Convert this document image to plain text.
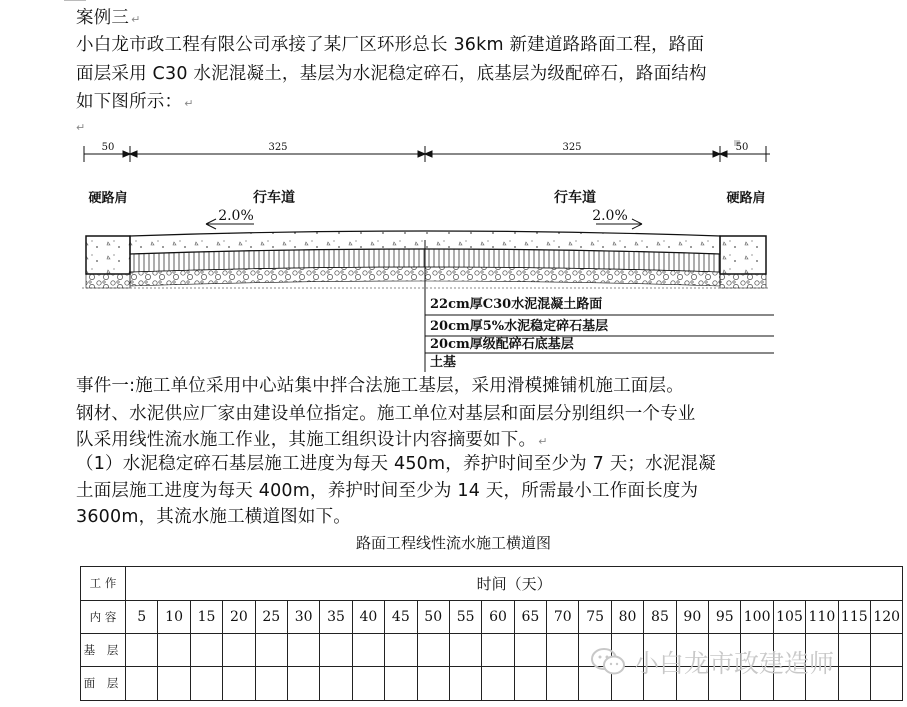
案例三 ↵
小白龙市政工程有限公司承接了某厂区环形总长 36km 新建道路路面工程，路面
面层采用 C30 水泥混凝土，基层为水泥稳定碎石，底基层为级配碎石，路面结构
如下图所示： ↵
↵
50	325	325	50
硬路肩	行车道	行车道	硬路肩
2.0%	2.0%
22cm厚C30水泥混凝土路面
20cm厚5%水泥稳定碎石基层
20cm厚级配碎石底基层
土基
事件一:施工单位采用中心站集中拌合法施工基层，采用滑模摊铺机施工面层。
钢材、水泥供应厂家由建设单位指定。施工单位对基层和面层分别组织一个专业
队采用线性流水施工作业，其施工组织设计内容摘要如下。 ↵
（1）水泥稳定碎石基层施工进度为每天 450m，养护时间至少为 7 天；水泥混凝
土面层施工进度为每天 400m，养护时间至少为 14 天，所需最小工作面长度为
3600m，其流水施工横道图如下。
路面工程线性流水施工横道图
工 作	时间（天）																							
内 容	5	10	15	20	25	30	35	40	45	50	55	60	65	70	75	80	85	90	95	100	105	110	115	120
基 层																								
面 层																								
小白龙市政建造师
